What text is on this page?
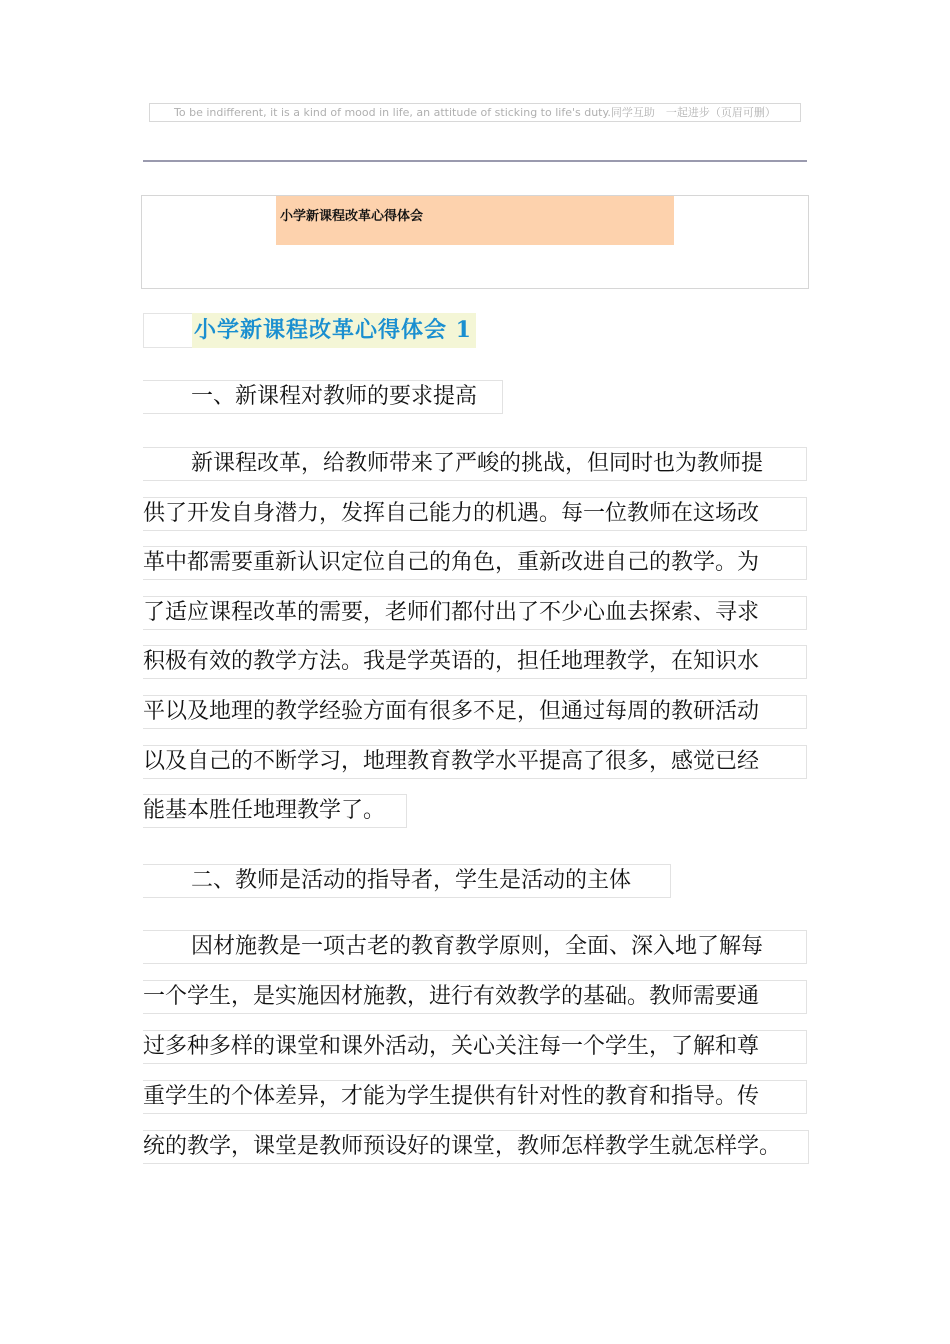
To be indifferent, it is a kind of mood in life, an attitude of sticking to life's duty.同学互助　一起进步（页眉可删）
小学新课程改革心得体会
小学新课程改革心得体会 1
一、新课程对教师的要求提高
新课程改革，给教师带来了严峻的挑战，但同时也为教师提
供了开发自身潜力，发挥自己能力的机遇。每一位教师在这场改
革中都需要重新认识定位自己的角色，重新改进自己的教学。为
了适应课程改革的需要，老师们都付出了不少心血去探索、寻求
积极有效的教学方法。我是学英语的，担任地理教学，在知识水
平以及地理的教学经验方面有很多不足，但通过每周的教研活动
以及自己的不断学习，地理教育教学水平提高了很多，感觉已经
能基本胜任地理教学了。
二、教师是活动的指导者，学生是活动的主体
因材施教是一项古老的教育教学原则，全面、深入地了解每
一个学生，是实施因材施教，进行有效教学的基础。教师需要通
过多种多样的课堂和课外活动，关心关注每一个学生，了解和尊
重学生的个体差异，才能为学生提供有针对性的教育和指导。传
统的教学，课堂是教师预设好的课堂，教师怎样教学生就怎样学。
